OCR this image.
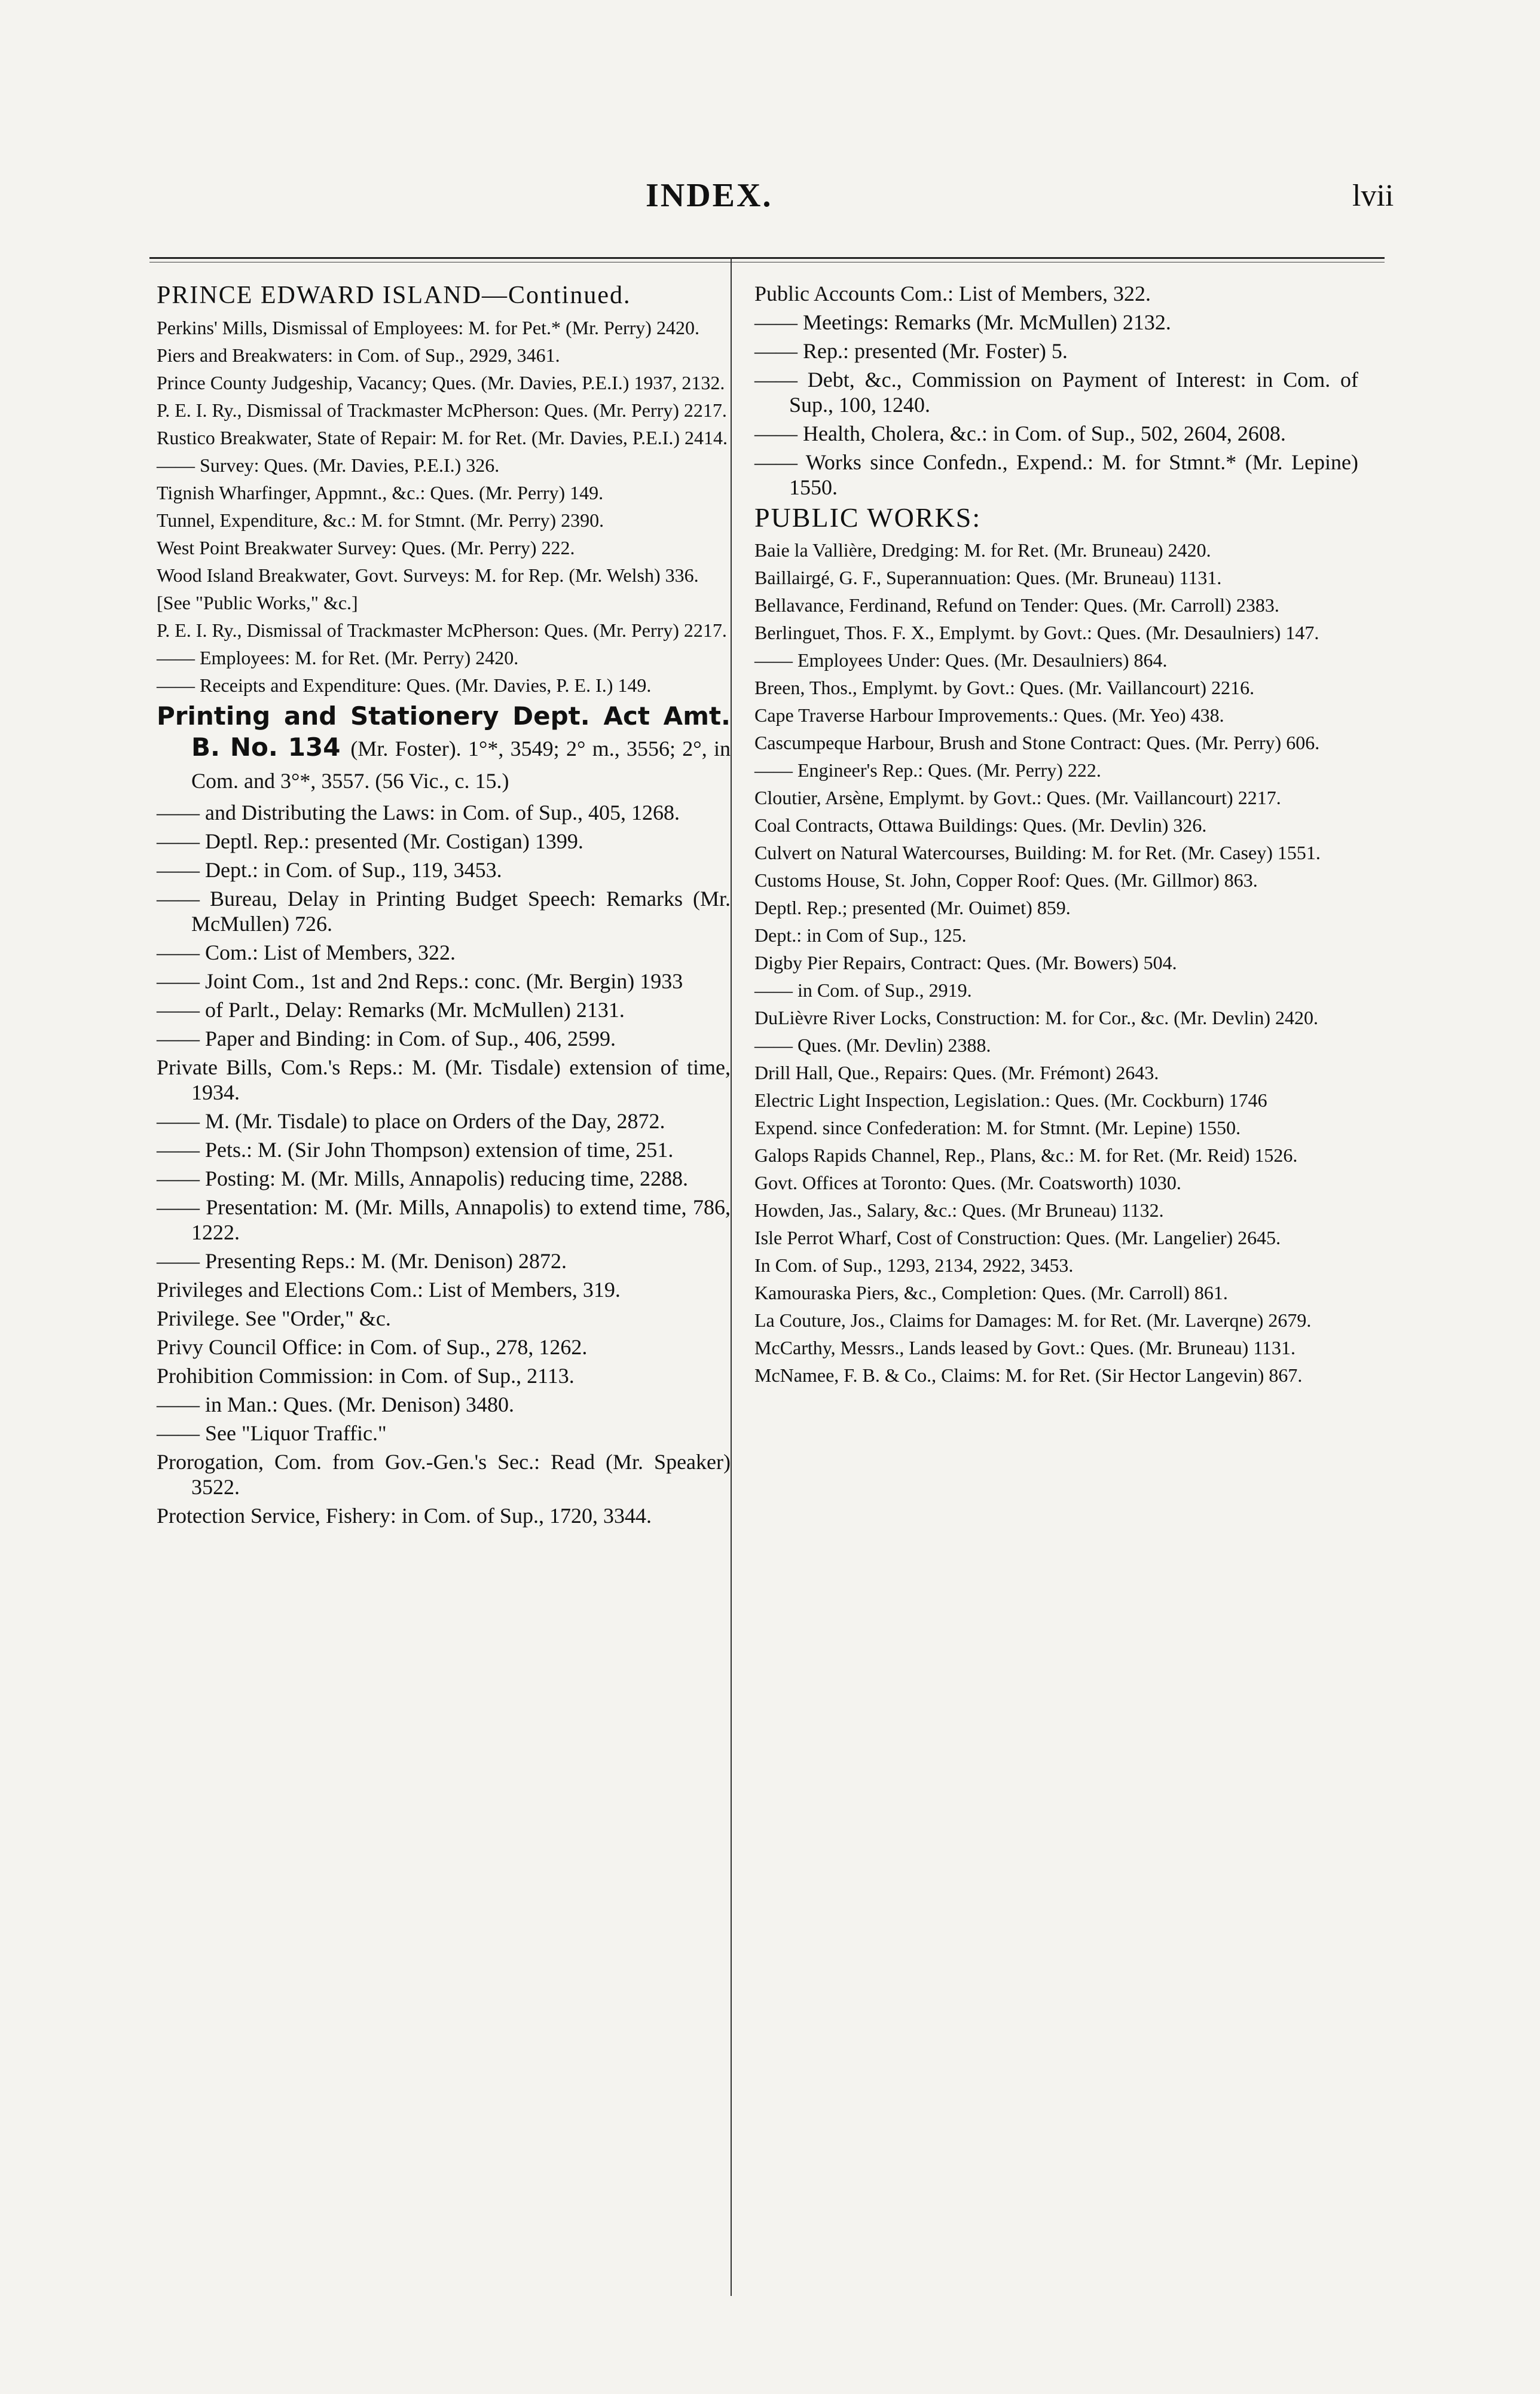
INDEX.	lvii
PRINCE EDWARD ISLAND—Continued.
Perkins' Mills, Dismissal of Employees: M. for Pet.* (Mr. Perry) 2420.
Piers and Breakwaters: in Com. of Sup., 2929, 3461.
Prince County Judgeship, Vacancy; Ques. (Mr. Davies, P.E.I.) 1937, 2132.
P. E. I. Ry., Dismissal of Trackmaster McPherson: Ques. (Mr. Perry) 2217.
Rustico Breakwater, State of Repair: M. for Ret. (Mr. Davies, P.E.I.) 2414.
—— Survey: Ques. (Mr. Davies, P.E.I.) 326.
Tignish Wharfinger, Appmnt., &c.: Ques. (Mr. Perry) 149.
Tunnel, Expenditure, &c.: M. for Stmnt. (Mr. Perry) 2390.
West Point Breakwater Survey: Ques. (Mr. Perry) 222.
Wood Island Breakwater, Govt. Surveys: M. for Rep. (Mr. Welsh) 336.
[See "Public Works," &c.]
P. E. I. Ry., Dismissal of Trackmaster McPherson: Ques. (Mr. Perry) 2217.
—— Employees: M. for Ret. (Mr. Perry) 2420.
—— Receipts and Expenditure: Ques. (Mr. Davies, P. E. I.) 149.
Printing and Stationery Dept. Act Amt. B. No. 134 (Mr. Foster). 1°*, 3549; 2° m., 3556; 2°, in Com. and 3°*, 3557. (56 Vic., c. 15.)
—— and Distributing the Laws: in Com. of Sup., 405, 1268.
—— Deptl. Rep.: presented (Mr. Costigan) 1399.
—— Dept.: in Com. of Sup., 119, 3453.
—— Bureau, Delay in Printing Budget Speech: Remarks (Mr. McMullen) 726.
—— Com.: List of Members, 322.
—— Joint Com., 1st and 2nd Reps.: conc. (Mr. Bergin) 1933
—— of Parlt., Delay: Remarks (Mr. McMullen) 2131.
—— Paper and Binding: in Com. of Sup., 406, 2599.
Private Bills, Com.'s Reps.: M. (Mr. Tisdale) extension of time, 1934.
—— M. (Mr. Tisdale) to place on Orders of the Day, 2872.
—— Pets.: M. (Sir John Thompson) extension of time, 251.
—— Posting: M. (Mr. Mills, Annapolis) reducing time, 2288.
—— Presentation: M. (Mr. Mills, Annapolis) to extend time, 786, 1222.
—— Presenting Reps.: M. (Mr. Denison) 2872.
Privileges and Elections Com.: List of Members, 319.
Privilege. See "Order," &c.
Privy Council Office: in Com. of Sup., 278, 1262.
Prohibition Commission: in Com. of Sup., 2113.
—— in Man.: Ques. (Mr. Denison) 3480.
—— See "Liquor Traffic."
Prorogation, Com. from Gov.-Gen.'s Sec.: Read (Mr. Speaker) 3522.
Protection Service, Fishery: in Com. of Sup., 1720, 3344.
Public Accounts Com.: List of Members, 322.
—— Meetings: Remarks (Mr. McMullen) 2132.
—— Rep.: presented (Mr. Foster) 5.
—— Debt, &c., Commission on Payment of Interest: in Com. of Sup., 100, 1240.
—— Health, Cholera, &c.: in Com. of Sup., 502, 2604, 2608.
—— Works since Confedn., Expend.: M. for Stmnt.* (Mr. Lepine) 1550.
PUBLIC WORKS:
Baie la Vallière, Dredging: M. for Ret. (Mr. Bruneau) 2420.
Baillairgé, G. F., Superannuation: Ques. (Mr. Bruneau) 1131.
Bellavance, Ferdinand, Refund on Tender: Ques. (Mr. Carroll) 2383.
Berlinguet, Thos. F. X., Emplymt. by Govt.: Ques. (Mr. Desaulniers) 147.
—— Employees Under: Ques. (Mr. Desaulniers) 864.
Breen, Thos., Emplymt. by Govt.: Ques. (Mr. Vaillancourt) 2216.
Cape Traverse Harbour Improvements.: Ques. (Mr. Yeo) 438.
Cascumpeque Harbour, Brush and Stone Contract: Ques. (Mr. Perry) 606.
—— Engineer's Rep.: Ques. (Mr. Perry) 222.
Cloutier, Arsène, Emplymt. by Govt.: Ques. (Mr. Vaillancourt) 2217.
Coal Contracts, Ottawa Buildings: Ques. (Mr. Devlin) 326.
Culvert on Natural Watercourses, Building: M. for Ret. (Mr. Casey) 1551.
Customs House, St. John, Copper Roof: Ques. (Mr. Gillmor) 863.
Deptl. Rep.; presented (Mr. Ouimet) 859.
Dept.: in Com of Sup., 125.
Digby Pier Repairs, Contract: Ques. (Mr. Bowers) 504.
—— in Com. of Sup., 2919.
DuLièvre River Locks, Construction: M. for Cor., &c. (Mr. Devlin) 2420.
—— Ques. (Mr. Devlin) 2388.
Drill Hall, Que., Repairs: Ques. (Mr. Frémont) 2643.
Electric Light Inspection, Legislation.: Ques. (Mr. Cockburn) 1746
Expend. since Confederation: M. for Stmnt. (Mr. Lepine) 1550.
Galops Rapids Channel, Rep., Plans, &c.: M. for Ret. (Mr. Reid) 1526.
Govt. Offices at Toronto: Ques. (Mr. Coatsworth) 1030.
Howden, Jas., Salary, &c.: Ques. (Mr Bruneau) 1132.
Isle Perrot Wharf, Cost of Construction: Ques. (Mr. Langelier) 2645.
In Com. of Sup., 1293, 2134, 2922, 3453.
Kamouraska Piers, &c., Completion: Ques. (Mr. Carroll) 861.
La Couture, Jos., Claims for Damages: M. for Ret. (Mr. Laverqne) 2679.
McCarthy, Messrs., Lands leased by Govt.: Ques. (Mr. Bruneau) 1131.
McNamee, F. B. & Co., Claims: M. for Ret. (Sir Hector Langevin) 867.
